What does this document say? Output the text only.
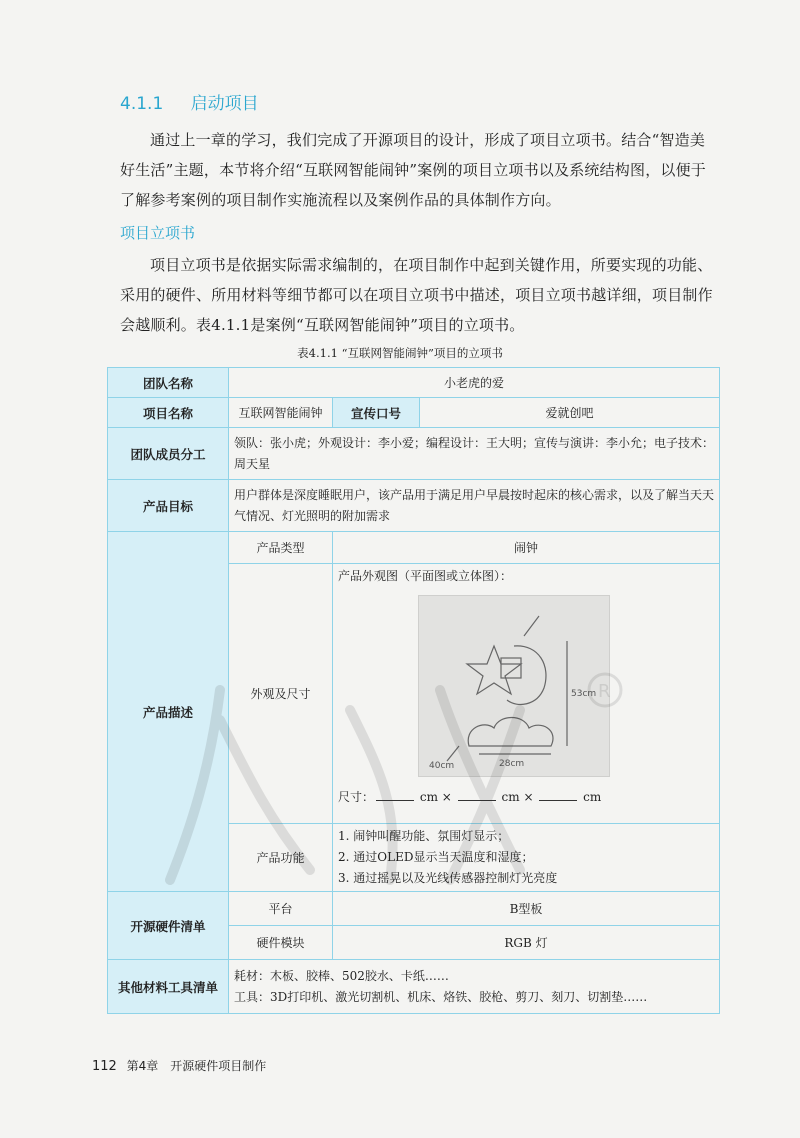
4.1.1 启动项目

通过上一章的学习，我们完成了开源项目的设计，形成了项目立项书。结合“智造美好生活”主题，本节将介绍“互联网智能闹钟”案例的项目立项书以及系统结构图，以便于了解参考案例的项目制作实施流程以及案例作品的具体制作方向。

项目立项书

项目立项书是依据实际需求编制的，在项目制作中起到关键作用，所要实现的功能、采用的硬件、所用材料等细节都可以在项目立项书中描述，项目立项书越详细，项目制作会越顺利。表4.1.1是案例“互联网智能闹钟”项目的立项书。

表4.1.1 “互联网智能闹钟”项目的立项书
团队名称	小老虎的爱		
项目名称	互联网智能闹钟	宣传口号	爱就创吧
团队成员分工	领队：张小虎；外观设计：李小爱；编程设计：王大明；宣传与演讲：李小允；电子技术：周天星		
产品目标	用户群体是深度睡眠用户，该产品用于满足用户早晨按时起床的核心需求，以及了解当天天气情况、灯光照明的附加需求		
产品描述	产品类型	闹钟	
	外观及尺寸	产品外观图（平面图或立体图）：
53cm
28cm
40cm
尺寸： cm × cm × cm	

	产品功能	1. 闹钟叫醒功能、氛围灯显示；
2. 通过OLED显示当天温度和湿度；
3. 通过摇晃以及光线传感器控制灯光亮度	

开源硬件清单	平台	B型板	
	硬件模块	RGB 灯	
其他材料工具清单	耗材：木板、胶棒、502胶水、卡纸……
工具：3D打印机、激光切割机、机床、烙铁、胶枪、剪刀、刻刀、切割垫……		
R
112 第4章　开源硬件项目制作
